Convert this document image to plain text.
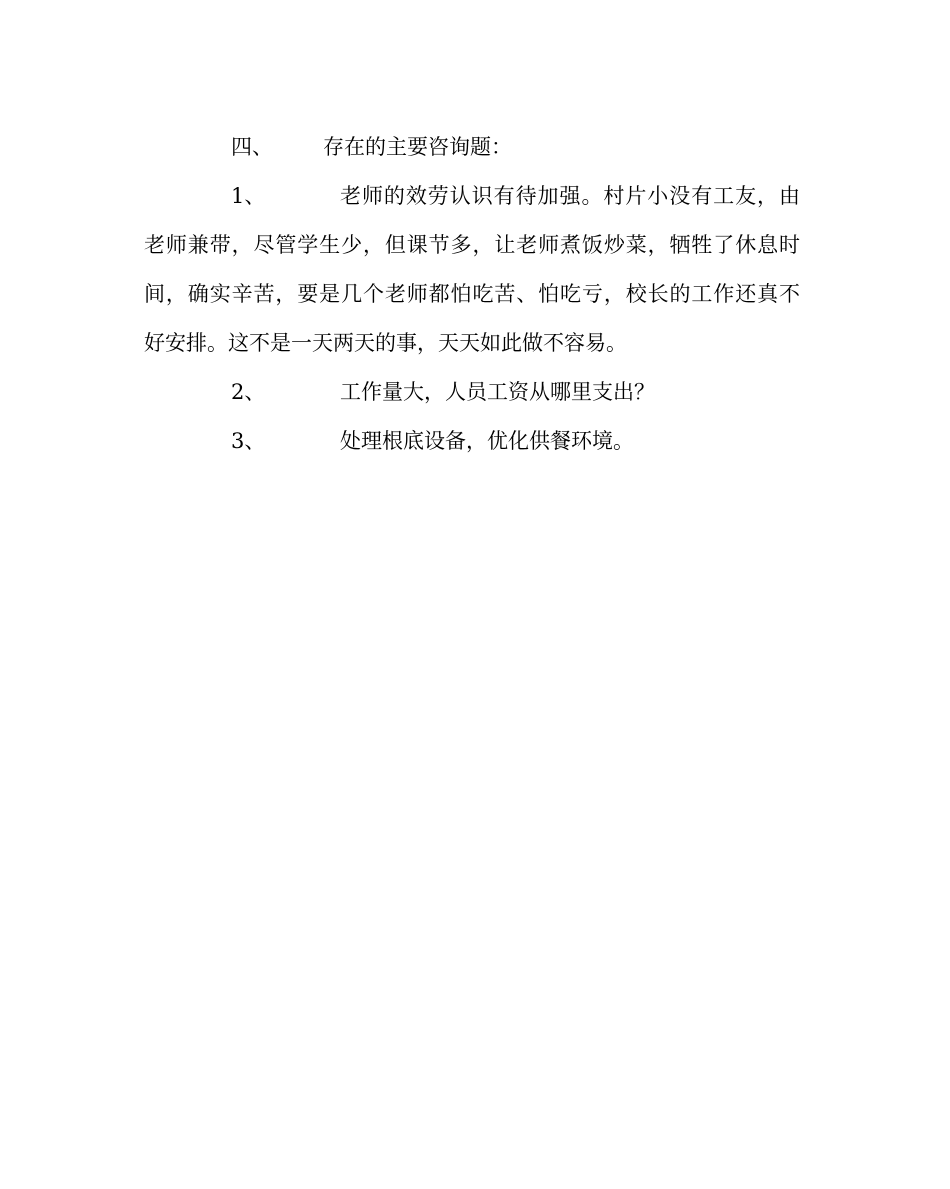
四、 存在的主要咨询题：
1、	老师的效劳认识有待加强。村片小没有工友，由
老师兼带，尽管学生少，但课节多，让老师煮饭炒菜，牺牲了休息时
间，确实辛苦，要是几个老师都怕吃苦、怕吃亏，校长的工作还真不
好安排。这不是一天两天的事，天天如此做不容易。
2、	工作量大，人员工资从哪里支出？
3、	处理根底设备，优化供餐环境。
